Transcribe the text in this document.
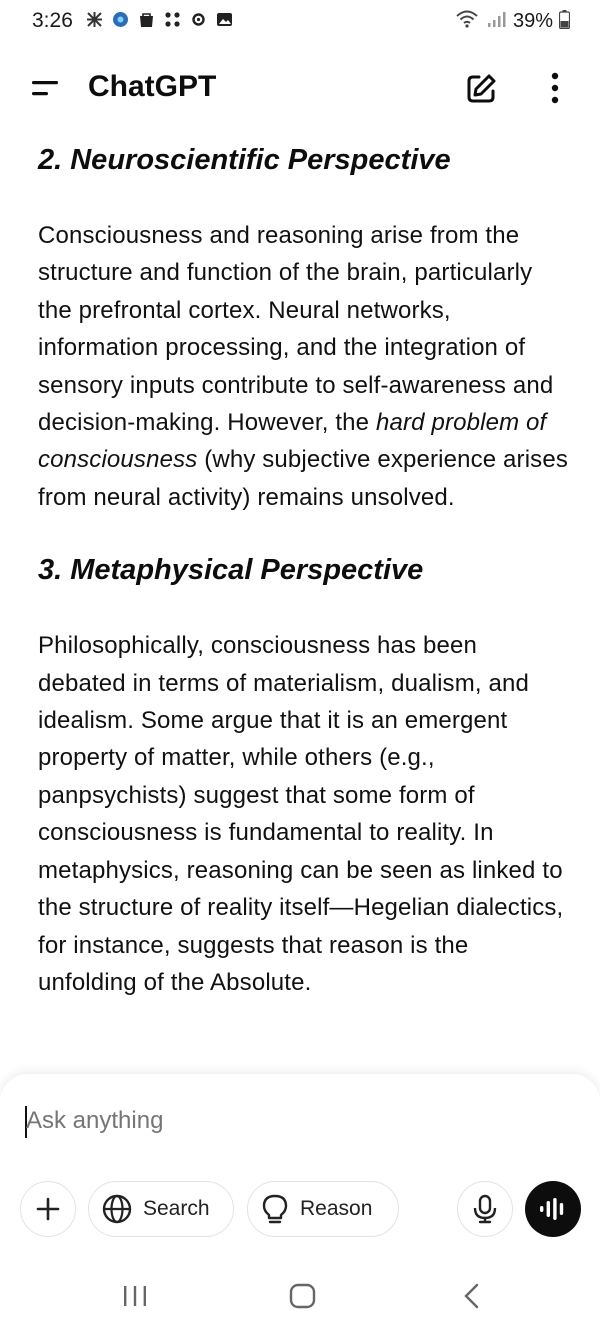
3:26	39%
ChatGPT
2. Neuroscientific Perspective

Consciousness and reasoning arise from the structure and function of the brain, particularly the prefrontal cortex. Neural networks, information processing, and the integration of sensory inputs contribute to self-awareness and decision-making. However, the hard problem of consciousness (why subjective experience arises from neural activity) remains unsolved.

3. Metaphysical Perspective

Philosophically, consciousness has been debated in terms of materialism, dualism, and idealism. Some argue that it is an emergent property of matter, while others (e.g., panpsychists) suggest that some form of consciousness is fundamental to reality. In metaphysics, reasoning can be seen as linked to the structure of reality itself—Hegelian dialectics, for instance, suggests that reason is the unfolding of the Absolute.

Ask anything
Search	Reason
